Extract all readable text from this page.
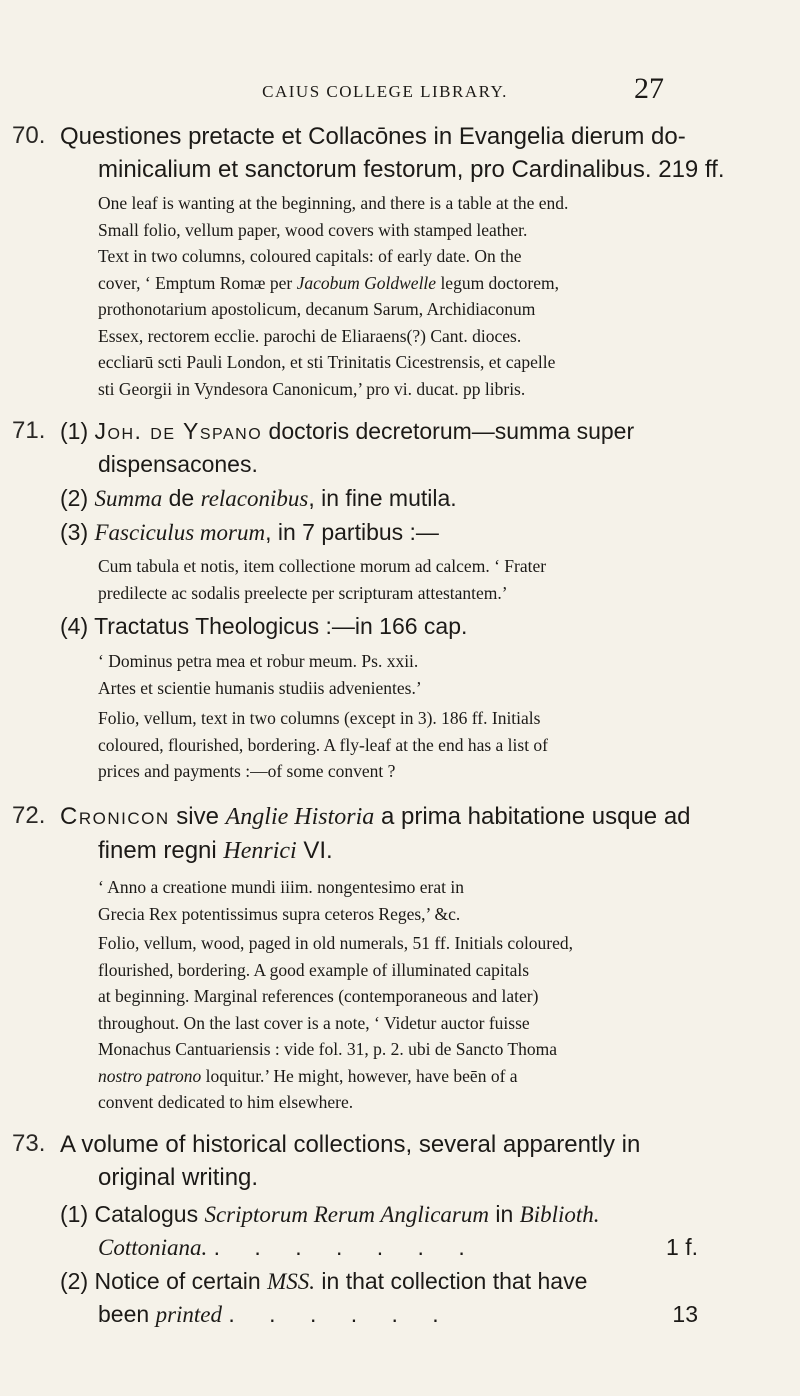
CAIUS COLLEGE LIBRARY.	27
70. Questiones pretacte et Collacōnes in Evangelia dierum do-
minicalium et sanctorum festorum, pro Cardinalibus. 219 ff.
One leaf is wanting at the beginning, and there is a table at the end.
Small folio, vellum paper, wood covers with stamped leather.
Text in two columns, coloured capitals: of early date. On the
cover, ‘ Emptum Romæ per Jacobum Goldwelle legum doctorem,
prothonotarium apostolicum, decanum Sarum, Archidiaconum
Essex, rectorem ecclie. parochi de Eliaraens(?) Cant. dioces.
eccliarū scti Pauli London, et sti Trinitatis Cicestrensis, et capelle
sti Georgii in Vyndesora Canonicum,’ pro vi. ducat. pp libris.
71. (1) Joh. de Yspano doctoris decretorum—summa super
dispensacones.
(2) Summa de relaconibus, in fine mutila.
(3) Fasciculus morum, in 7 partibus :—
Cum tabula et notis, item collectione morum ad calcem. ‘ Frater
predilecte ac sodalis preelecte per scripturam attestantem.’
(4) Tractatus Theologicus :—in 166 cap.
‘ Dominus petra mea et robur meum. Ps. xxii.
Artes et scientie humanis studiis advenientes.’
Folio, vellum, text in two columns (except in 3). 186 ff. Initials
coloured, flourished, bordering. A fly-leaf at the end has a list of
prices and payments :—of some convent ?
72. Cronicon sive Anglie Historia a prima habitatione usque ad
finem regni Henrici VI.
‘ Anno a creatione mundi iiim. nongentesimo erat in
Grecia Rex potentissimus supra ceteros Reges,’ &c.
Folio, vellum, wood, paged in old numerals, 51 ff. Initials coloured,
flourished, bordering. A good example of illuminated capitals
at beginning. Marginal references (contemporaneous and later)
throughout. On the last cover is a note, ‘ Videtur auctor fuisse
Monachus Cantuariensis : vide fol. 31, p. 2. ubi de Sancto Thoma
nostro patrono loquitur.’ He might, however, have beēn of a
convent dedicated to him elsewhere.
73. A volume of historical collections, several apparently in
original writing.
(1) Catalogus Scriptorum Rerum Anglicarum in Biblioth.
Cottoniana. . . . . . . .	1 f.
(2) Notice of certain MSS. in that collection that have
been printed . . . . . .	13
